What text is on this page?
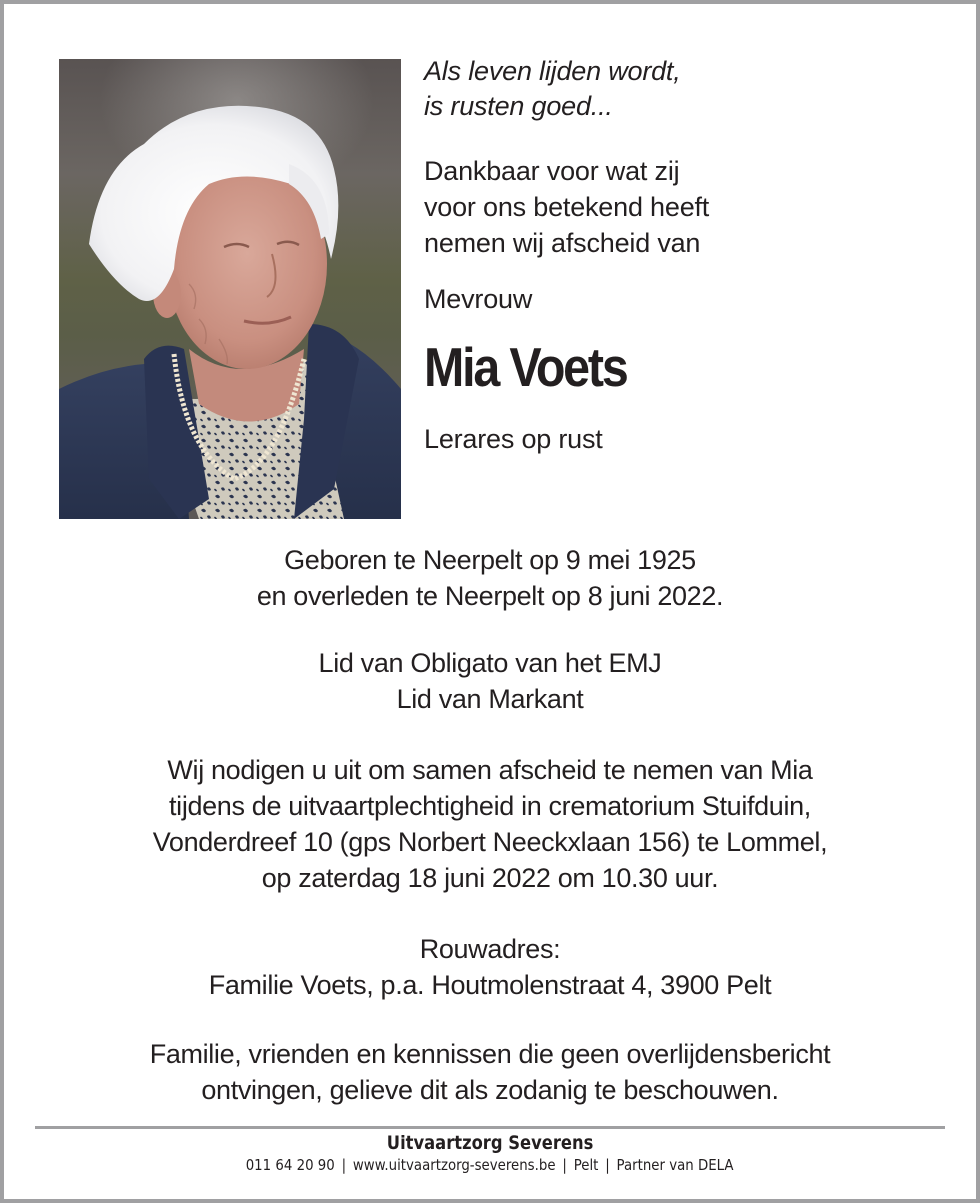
Als leven lijden wordt,
is rusten goed...
Dankbaar voor wat zij
voor ons betekend heeft
nemen wij afscheid van
Mevrouw
Mia Voets
Lerares op rust
Geboren te Neerpelt op 9 mei 1925
en overleden te Neerpelt op 8 juni 2022.
Lid van Obligato van het EMJ
Lid van Markant
Wij nodigen u uit om samen afscheid te nemen van Mia
tijdens de uitvaartplechtigheid in crematorium Stuifduin,
Vonderdreef 10 (gps Norbert Neeckxlaan 156) te Lommel,
op zaterdag 18 juni 2022 om 10.30 uur.
Rouwadres:
Familie Voets, p.a. Houtmolenstraat 4, 3900 Pelt
Familie, vrienden en kennissen die geen overlijdensbericht
ontvingen, gelieve dit als zodanig te beschouwen.
Uitvaartzorg Severens
011 64 20 90 | www.uitvaartzorg-severens.be | Pelt | Partner van DELA
